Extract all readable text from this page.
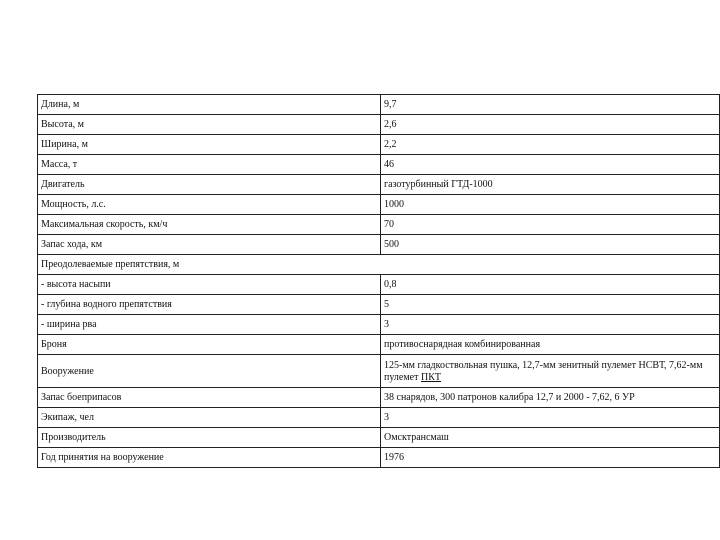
Длина, м	9,7
Высота, м	2,6
Ширина, м	2,2
Масса, т	46
Двигатель	газотурбинный ГТД-1000
Мощность, л.с.	1000
Максимальная скорость, км/ч	70
Запас хода, км	500
Преодолеваемые препятствия, м	
- высота насыпи	0,8
- глубина водного препятствия	5
- ширина рва	3
Броня	противоснарядная комбинированная
Вооружение	125-мм гладкоствольная пушка, 12,7-мм зенитный пулемет НСВТ, 7,62-мм пулемет ПКТ
Запас боеприпасов	38 снарядов, 300 патронов калибра 12,7 и 2000 - 7,62, 6 УР
Экипаж, чел	3
Производитель	Омсктрансмаш
Год принятия на вооружение	1976
